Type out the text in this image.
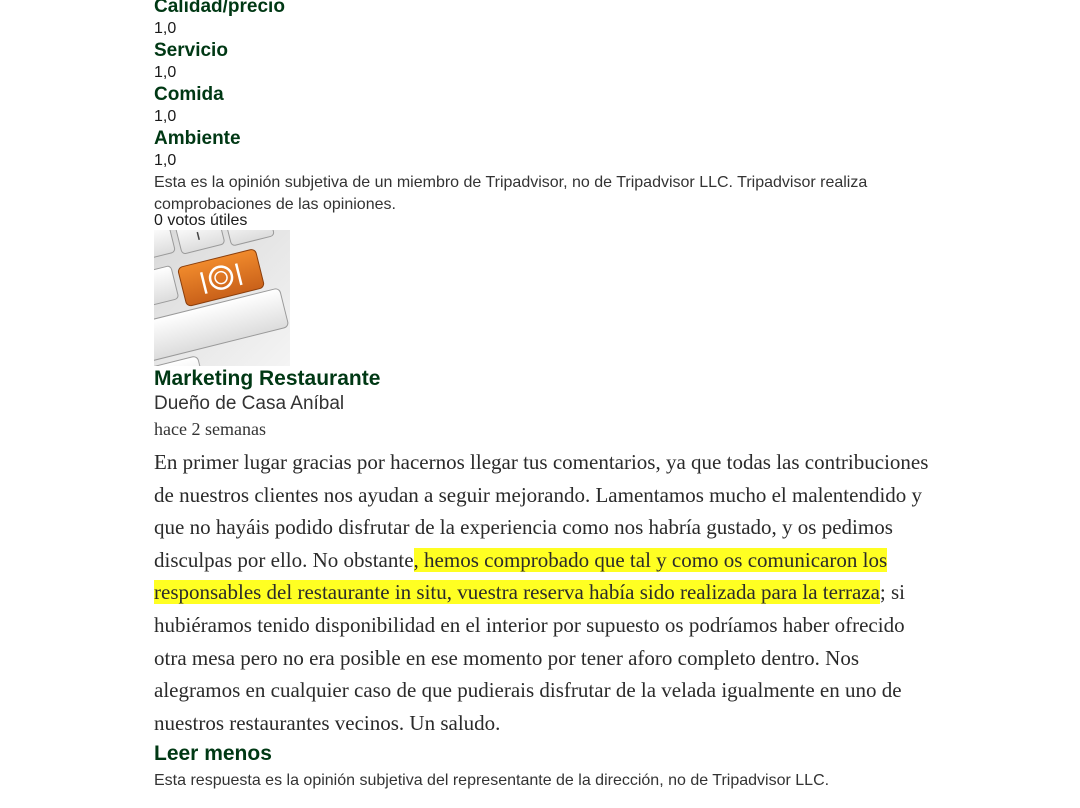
Calidad/precio
1,0
Servicio
1,0
Comida
1,0
Ambiente
1,0
Esta es la opinión subjetiva de un miembro de Tripadvisor, no de Tripadvisor LLC. Tripadvisor realiza comprobaciones de las opiniones.
0 votos útiles
Marketing Restaurante
Dueño de Casa Aníbal
hace 2 semanas
En primer lugar gracias por hacernos llegar tus comentarios, ya que todas las contribuciones de nuestros clientes nos ayudan a seguir mejorando. Lamentamos mucho el malentendido y que no hayáis podido disfrutar de la experiencia como nos habría gustado, y os pedimos disculpas por ello. No obstante, hemos comprobado que tal y como os comunicaron los responsables del restaurante in situ, vuestra reserva había sido realizada para la terraza; si hubiéramos tenido disponibilidad en el interior por supuesto os podríamos haber ofrecido otra mesa pero no era posible en ese momento por tener aforo completo dentro. Nos alegramos en cualquier caso de que pudierais disfrutar de la velada igualmente en uno de nuestros restaurantes vecinos. Un saludo.
Leer menos
Esta respuesta es la opinión subjetiva del representante de la dirección, no de Tripadvisor LLC.
